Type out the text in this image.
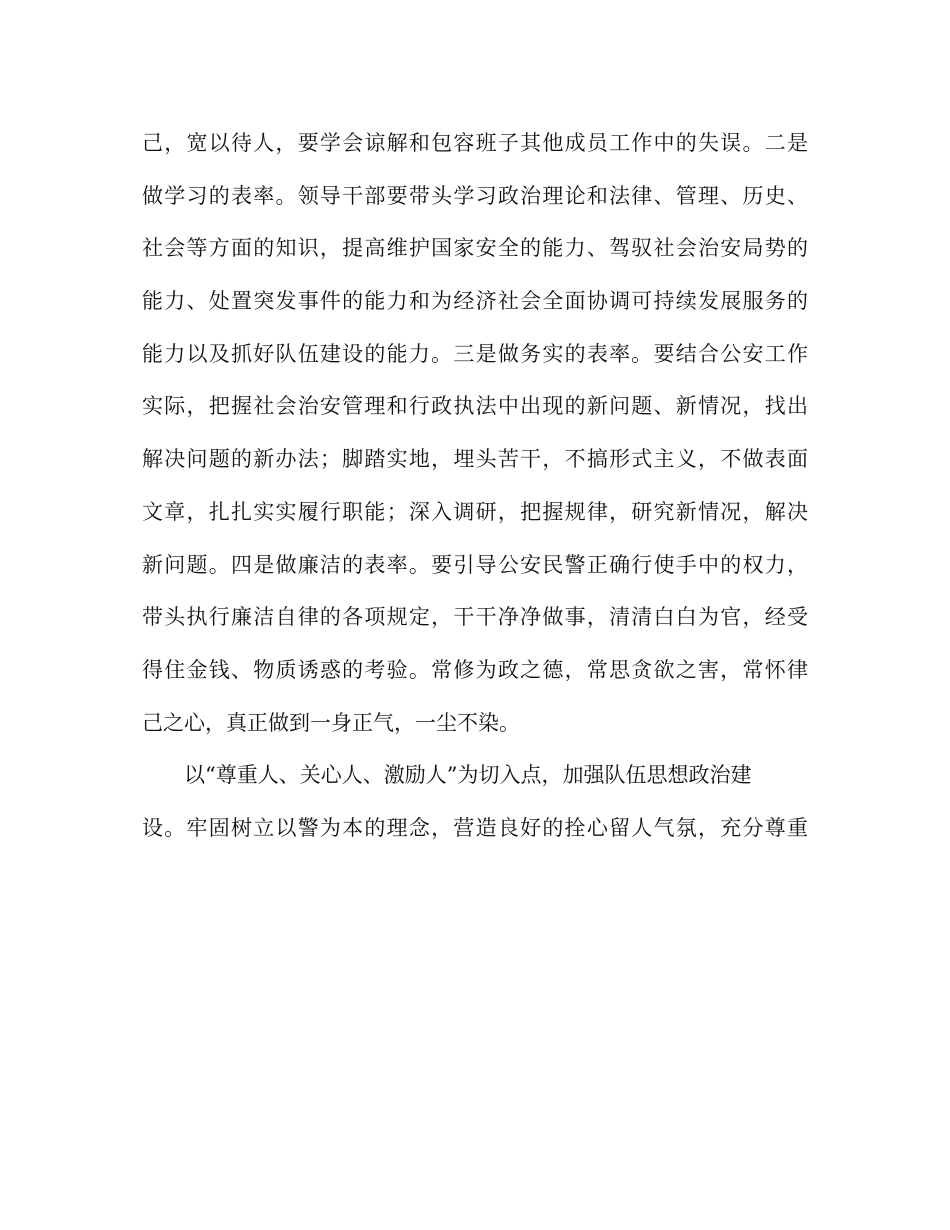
己，宽以待人，要学会谅解和包容班子其他成员工作中的失误。二是
做学习的表率。领导干部要带头学习政治理论和法律、管理、历史、
社会等方面的知识，提高维护国家安全的能力、驾驭社会治安局势的
能力、处置突发事件的能力和为经济社会全面协调可持续发展服务的
能力以及抓好队伍建设的能力。三是做务实的表率。要结合公安工作
实际，把握社会治安管理和行政执法中出现的新问题、新情况，找出
解决问题的新办法；脚踏实地，埋头苦干，不搞形式主义，不做表面
文章，扎扎实实履行职能；深入调研，把握规律，研究新情况，解决
新问题。四是做廉洁的表率。要引导公安民警正确行使手中的权力，
带头执行廉洁自律的各项规定，干干净净做事，清清白白为官，经受
得住金钱、物质诱惑的考验。常修为政之德，常思贪欲之害，常怀律
己之心，真正做到一身正气，一尘不染。
以“尊重人、关心人、激励人”为切入点，加强队伍思想政治建
设。牢固树立以警为本的理念，营造良好的拴心留人气氛，充分尊重
